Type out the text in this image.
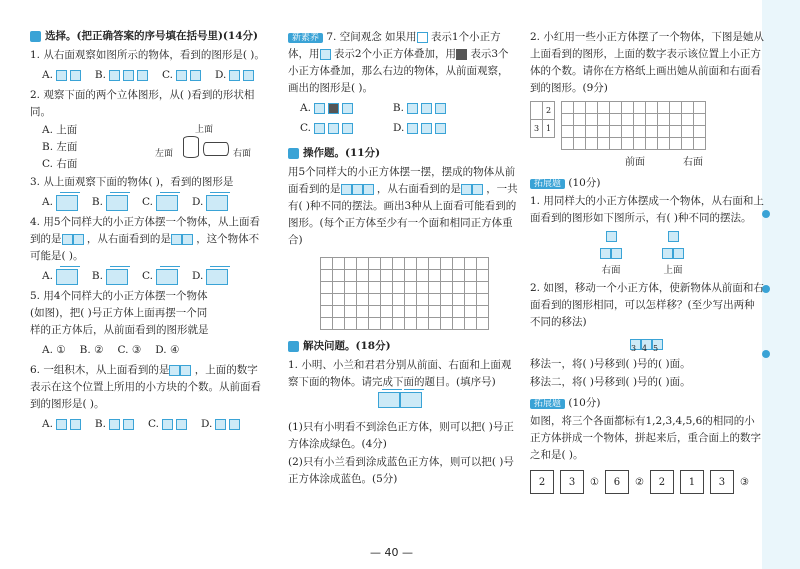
选择。(把正确答案的序号填在括号里)(14分)
1. 从右面观察如图所示的物体，看到的图形是( )。
A.	B.	C.	D.
2. 观察下面的两个立体图形，从( )看到的形状相同。
A. 上面
B. 左面
C. 右面
上面
左面	右面
3. 从上面观察下面的物体( )，看到的图形是
A.	B.	C.	D.
4. 用5个同样大的小正方体摆一个物体，从上面看到的是 ，从右面看到的是 ，这个物体不可能是( )。
A.	B.	C.	D.
5. 用4个同样大的小正方体摆一个物体(如图)，把( )号正方体上面再摆一个同样的正方体后，从前面看到的图形就是
A. ① B. ② C. ③ D. ④
6. 一组积木，从上面看到的是 ，上面的数字表示在这个位置上所用的小方块的个数。从前面看到的图形是( )。
A.	B.	C.	D.
新素养 7. 空间观念 如果用 表示1个小正方体，用 表示2个小正方体叠加，用 表示3个小正方体叠加，那么右边的物体，从前面观察，画出的图形是( )。
A.	B.
C.	D.
操作题。(11分)
用5个同样大的小正方体摆一摆，摆成的物体从前面看到的是	，从右面看到的是 ，一共有( )种不同的摆法。画出3种从上面看可能看到的图形。(每个正方体至少有一个面和相同正方体重合)

解决问题。(18分)
1. 小明、小兰和君君分别从前面、右面和上面观察下面的物体。请完成下面的题目。(填序号)
(1)只有小明看不到涂色正方体，则可以把( )号正方体涂成绿色。(4分)
(2)只有小兰看到涂成蓝色正方体，则可以把( )号正方体涂成蓝色。(5分)
2. 小红用一些小正方体摆了一个物体，下图是她从上面看到的图形，上面的数字表示该位置上小正方体的个数。请你在方格纸上画出她从前面和右面看到的图形。(9分)
	2
3	1

前面	右面
拓展题 (10分)
1. 用同样大的小正方体摆成一个物体，从右面和上面看到的图形如下图所示，有( )种不同的摆法。
右面	上面
2. 如图，移动一个小正方体，使新物体从前面和右面看到的图形相同，可以怎样移？(至少写出两种不同的移法)
3 4 5
移法一，将( )号移到( )号的( )面。
移法二，将( )号移到( )号的( )面。
拓展题 (10分)
如图，将三个各面都标有1,2,3,4,5,6的相同的小正方体拼成一个物体，拼起来后，重合面上的数字之和是( )。
2	3	①	6	②	2	1	3	③
— 40 —
